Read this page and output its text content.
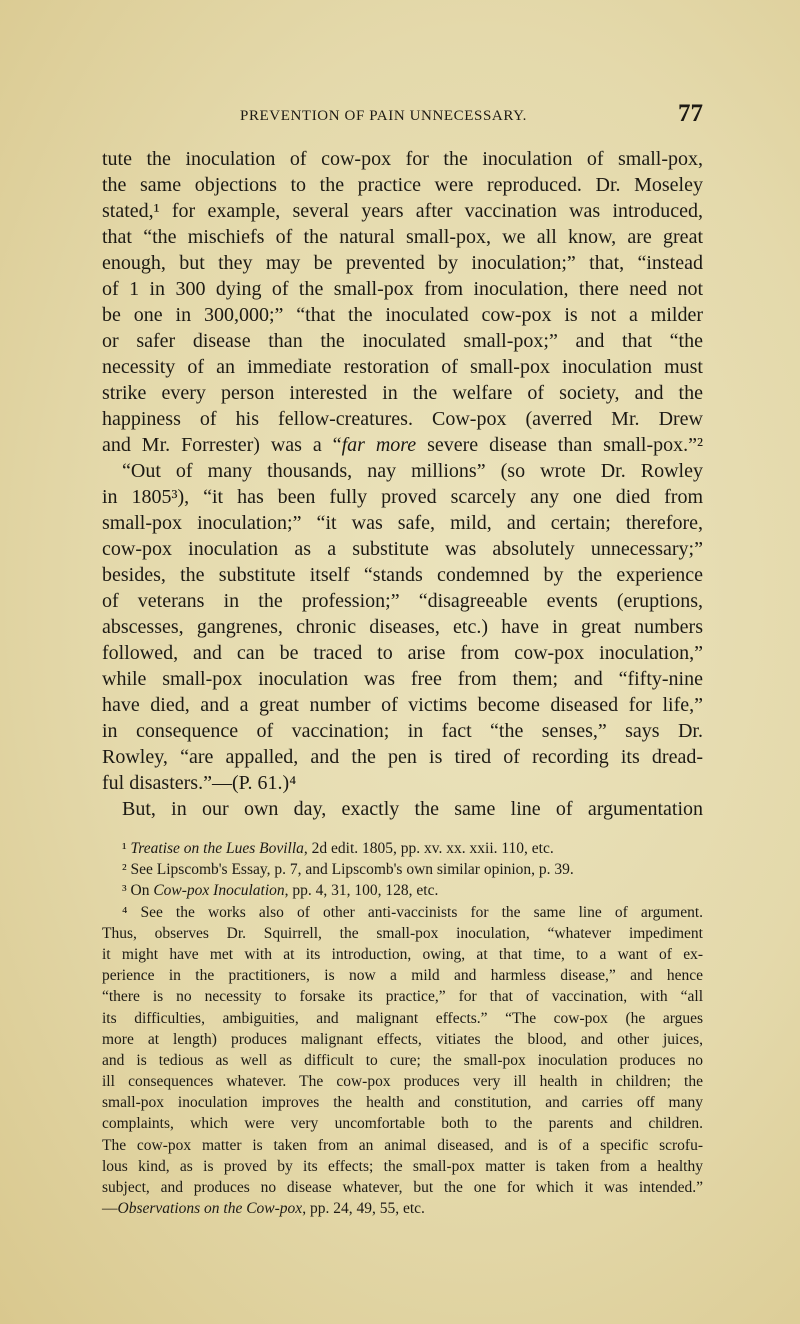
PREVENTION OF PAIN UNNECESSARY.	77
tute the inoculation of cow-pox for the inoculation of small-pox,
the same objections to the practice were reproduced. Dr. Moseley
stated,¹ for example, several years after vaccination was introduced,
that “the mischiefs of the natural small-pox, we all know, are great
enough, but they may be prevented by inoculation;” that, “instead
of 1 in 300 dying of the small-pox from inoculation, there need not
be one in 300,000;” “that the inoculated cow-pox is not a milder
or safer disease than the inoculated small-pox;” and that “the
necessity of an immediate restoration of small-pox inoculation must
strike every person interested in the welfare of society, and the
happiness of his fellow-creatures. Cow-pox (averred Mr. Drew
and Mr. Forrester) was a “far more severe disease than small-pox.”²
“Out of many thousands, nay millions” (so wrote Dr. Rowley
in 1805³), “it has been fully proved scarcely any one died from
small-pox inoculation;” “it was safe, mild, and certain; therefore,
cow-pox inoculation as a substitute was absolutely unnecessary;”
besides, the substitute itself “stands condemned by the experience
of veterans in the profession;” “disagreeable events (eruptions,
abscesses, gangrenes, chronic diseases, etc.) have in great numbers
followed, and can be traced to arise from cow-pox inoculation,”
while small-pox inoculation was free from them; and “fifty-nine
have died, and a great number of victims become diseased for life,”
in consequence of vaccination; in fact “the senses,” says Dr.
Rowley, “are appalled, and the pen is tired of recording its dread-
ful disasters.”—(P. 61.)⁴
But, in our own day, exactly the same line of argumentation
¹ Treatise on the Lues Bovilla, 2d edit. 1805, pp. xv. xx. xxii. 110, etc.
² See Lipscomb's Essay, p. 7, and Lipscomb's own similar opinion, p. 39.
³ On Cow-pox Inoculation, pp. 4, 31, 100, 128, etc.
⁴ See the works also of other anti-vaccinists for the same line of argument.
Thus, observes Dr. Squirrell, the small-pox inoculation, “whatever impediment
it might have met with at its introduction, owing, at that time, to a want of ex-
perience in the practitioners, is now a mild and harmless disease,” and hence
“there is no necessity to forsake its practice,” for that of vaccination, with “all
its difficulties, ambiguities, and malignant effects.” “The cow-pox (he argues
more at length) produces malignant effects, vitiates the blood, and other juices,
and is tedious as well as difficult to cure; the small-pox inoculation produces no
ill consequences whatever. The cow-pox produces very ill health in children; the
small-pox inoculation improves the health and constitution, and carries off many
complaints, which were very uncomfortable both to the parents and children.
The cow-pox matter is taken from an animal diseased, and is of a specific scrofu-
lous kind, as is proved by its effects; the small-pox matter is taken from a healthy
subject, and produces no disease whatever, but the one for which it was intended.”
—Observations on the Cow-pox, pp. 24, 49, 55, etc.
